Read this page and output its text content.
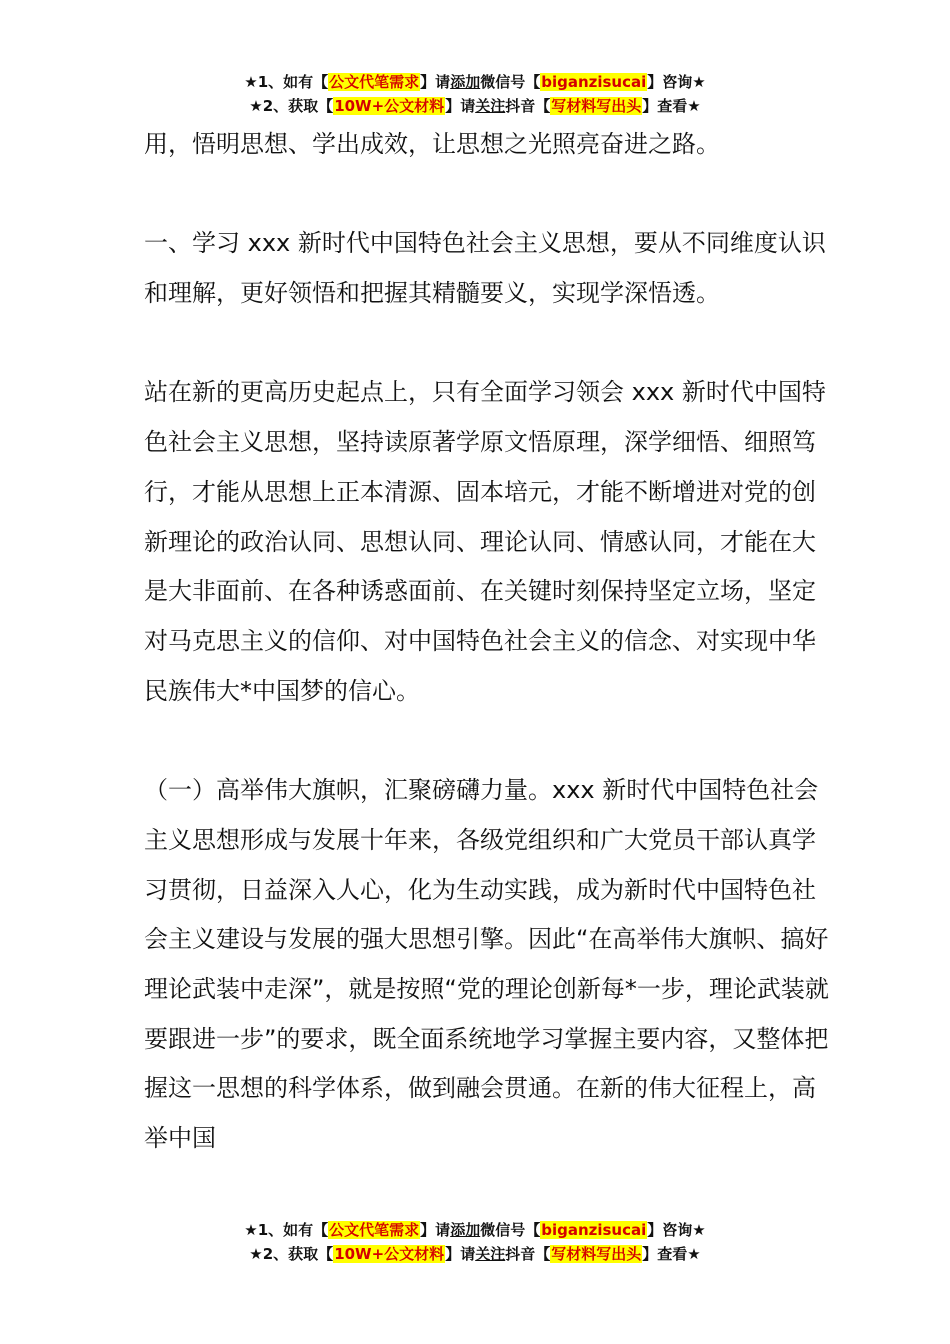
★1、如有【公文代笔需求】请添加微信号【biganzisucai】咨询★
★2、获取【10W+公文材料】请关注抖音【写材料写出头】查看★

用，悟明思想、学出成效，让思想之光照亮奋进之路。

一、学习 xxx 新时代中国特色社会主义思想，要从不同维度认识和理解，更好领悟和把握其精髓要义，实现学深悟透。

站在新的更高历史起点上，只有全面学习领会 xxx 新时代中国特色社会主义思想，坚持读原著学原文悟原理，深学细悟、细照笃行，才能从思想上正本清源、固本培元，才能不断增进对党的创新理论的政治认同、思想认同、理论认同、情感认同，才能在大是大非面前、在各种诱惑面前、在关键时刻保持坚定立场，坚定对马克思主义的信仰、对中国特色社会主义的信念、对实现中华民族伟大*中国梦的信心。

（一）高举伟大旗帜，汇聚磅礴力量。xxx 新时代中国特色社会主义思想形成与发展十年来，各级党组织和广大党员干部认真学习贯彻，日益深入人心，化为生动实践，成为新时代中国特色社会主义建设与发展的强大思想引擎。因此“在高举伟大旗帜、搞好理论武装中走深”，就是按照“党的理论创新每*一步，理论武装就要跟进一步”的要求，既全面系统地学习掌握主要内容，又整体把握这一思想的科学体系，做到融会贯通。在新的伟大征程上，高举中国

★1、如有【公文代笔需求】请添加微信号【biganzisucai】咨询★
★2、获取【10W+公文材料】请关注抖音【写材料写出头】查看★
